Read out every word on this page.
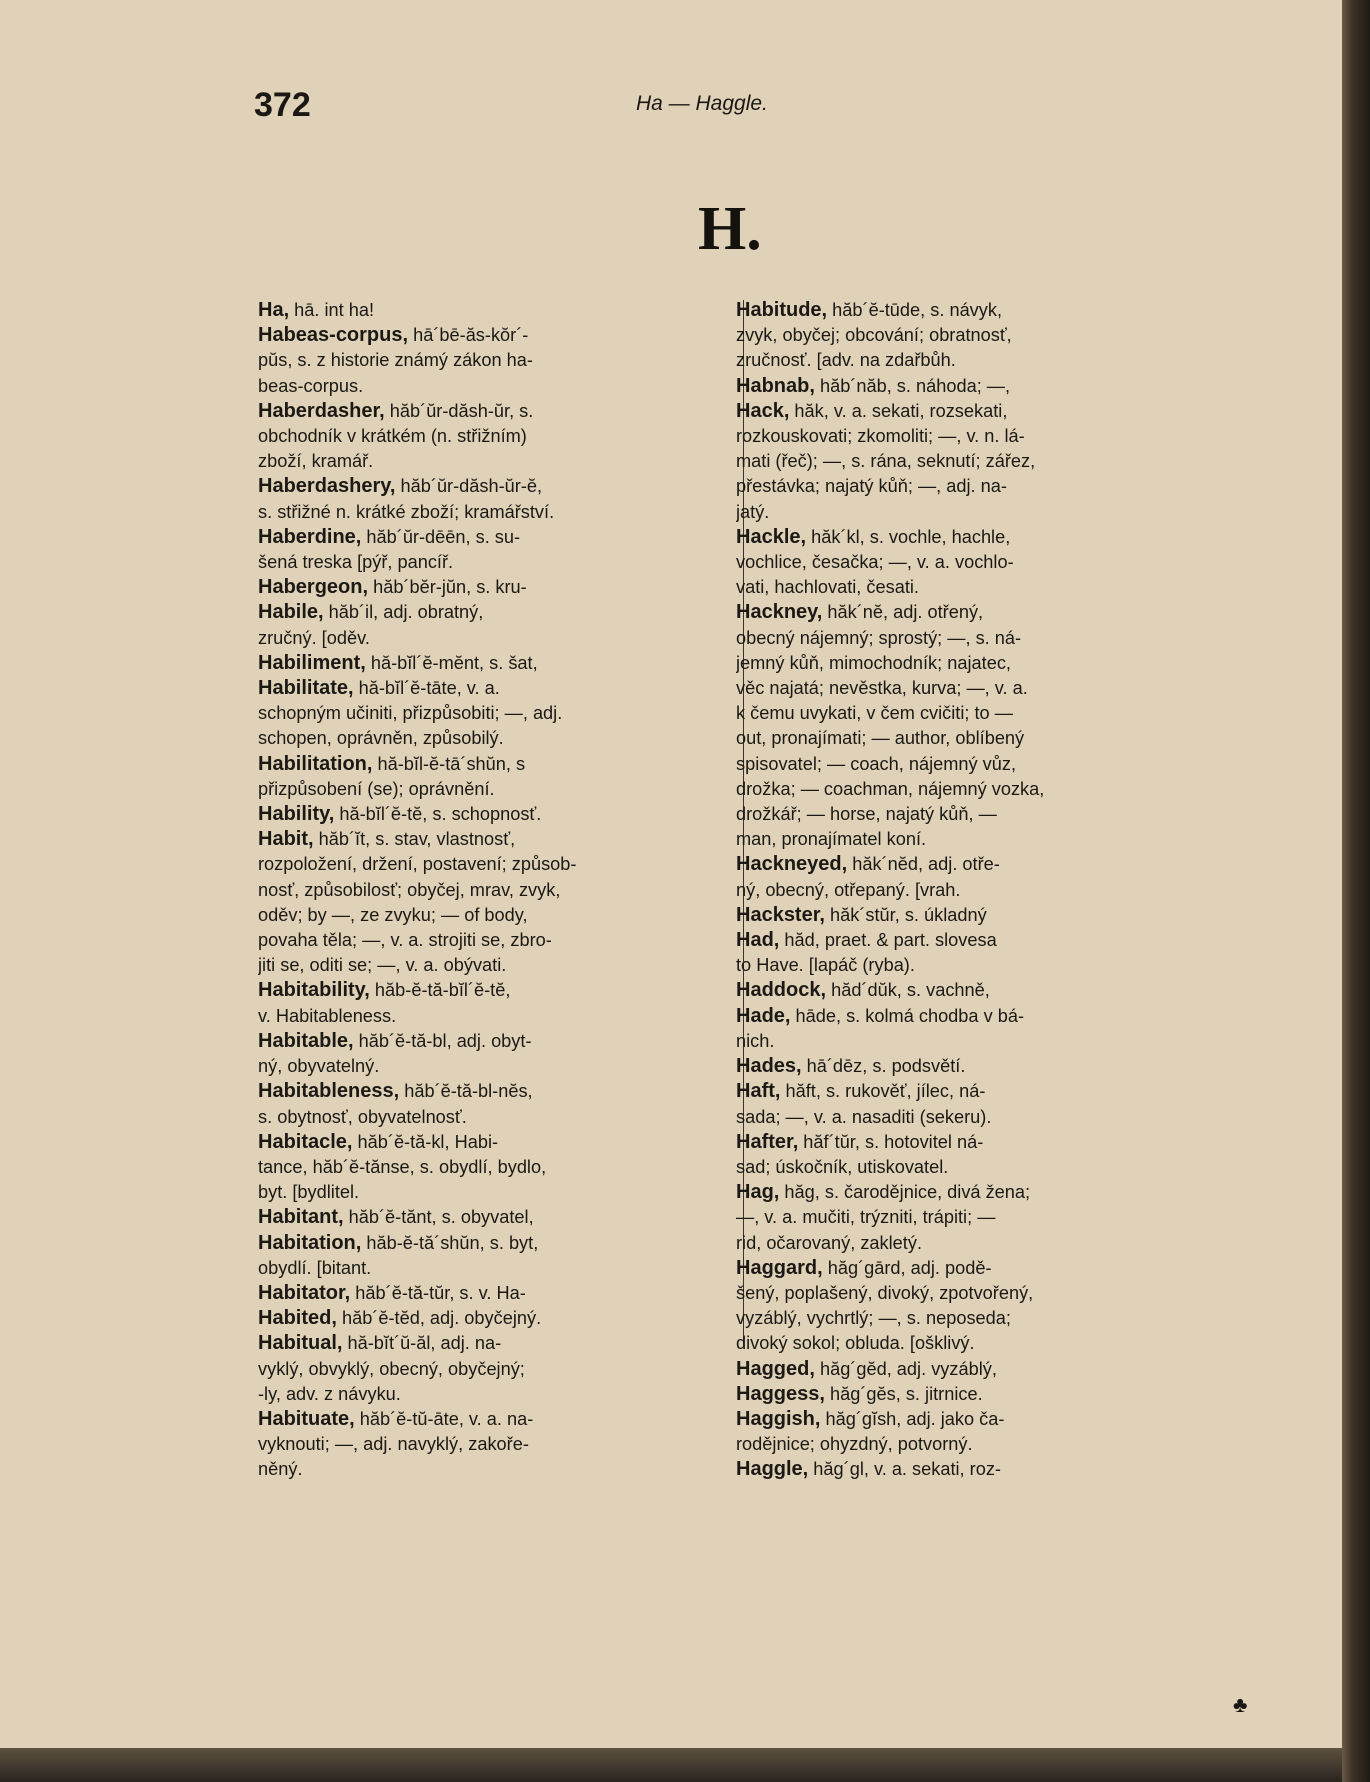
372	Ha — Haggle.
H.
Ha, hā. int ha!
Habeas-corpus, hā´bē-ăs-kŏr´-
pŭs, s. z historie známý zákon ha-
beas-corpus.
Haberdasher, hăb´ŭr-dăsh-ŭr, s.
obchodník v krátkém (n. střižním)
zboží, kramář.
Haberdashery, hăb´ŭr-dăsh-ŭr-ĕ,
s. střižné n. krátké zboží; kramářství.
Haberdine, hăb´ŭr-dēēn, s. su-
šená treska [pýř, pancíř.
Habergeon, hăb´bĕr-jŭn, s. kru-
Habile, hăb´il, adj. obratný,
zručný. [oděv.
Habiliment, hă-bĭl´ĕ-mĕnt, s. šat,
Habilitate, hă-bĭl´ĕ-tāte, v. a.
schopným učiniti, přizpůsobiti; —, adj.
schopen, oprávněn, způsobilý.
Habilitation, hă-bĭl-ĕ-tā´shŭn, s
přizpůsobení (se); oprávnění.
Hability, hă-bĭl´ĕ-tĕ, s. schopnosť.
Habit, hăb´ĭt, s. stav, vlastnosť,
rozpoložení, držení, postavení; způsob-
nosť, způsobilosť; obyčej, mrav, zvyk,
oděv; by —, ze zvyku; — of body,
povaha těla; —, v. a. strojiti se, zbro-
jiti se, oditi se; —, v. a. obývati.
Habitability, hăb-ĕ-tă-bĭl´ĕ-tĕ,
v. Habitableness.
Habitable, hăb´ĕ-tă-bl, adj. obyt-
ný, obyvatelný.
Habitableness, hăb´ĕ-tă-bl-nĕs,
s. obytnosť, obyvatelnosť.
Habitacle, hăb´ĕ-tă-kl, Habi-
tance, hăb´ĕ-tănse, s. obydlí, bydlo,
byt. [bydlitel.
Habitant, hăb´ĕ-tănt, s. obyvatel,
Habitation, hăb-ĕ-tă´shŭn, s. byt,
obydlí. [bitant.
Habitator, hăb´ĕ-tă-tŭr, s. v. Ha-
Habited, hăb´ĕ-tĕd, adj. obyčejný.
Habitual, hă-bĭt´ŭ-ăl, adj. na-
vyklý, obvyklý, obecný, obyčejný;
-ly, adv. z návyku.
Habituate, hăb´ĕ-tŭ-āte, v. a. na-
vyknouti; —, adj. navyklý, zakoře-
něný.
Habitude, hăb´ĕ-tūde, s. návyk,
zvyk, obyčej; obcování; obratnosť,
zručnosť. [adv. na zdařbůh.
Habnab, hăb´năb, s. náhoda; —,
Hack, hăk, v. a. sekati, rozsekati,
rozkouskovati; zkomoliti; —, v. n. lá-
mati (řeč); —, s. rána, seknutí; zářez,
přestávka; najatý kůň; —, adj. na-
jatý.
Hackle, hăk´kl, s. vochle, hachle,
vochlice, česačka; —, v. a. vochlo-
vati, hachlovati, česati.
Hackney, hăk´nĕ, adj. otřený,
obecný nájemný; sprostý; —, s. ná-
jemný kůň, mimochodník; najatec,
věc najatá; nevěstka, kurva; —, v. a.
k čemu uvykati, v čem cvičiti; to —
out, pronajímati; — author, oblíbený
spisovatel; — coach, nájemný vůz,
drožka; — coachman, nájemný vozka,
drožkář; — horse, najatý kůň, —
man, pronajímatel koní.
Hackneyed, hăk´nĕd, adj. otře-
ný, obecný, otřepaný. [vrah.
Hackster, hăk´stŭr, s. úkladný
Had, hăd, praet. & part. slovesa
to Have. [lapáč (ryba).
Haddock, hăd´dŭk, s. vachně,
Hade, hāde, s. kolmá chodba v bá-
nich.
Hades, hā´dēz, s. podsvětí.
Haft, hăft, s. rukověť, jílec, ná-
sada; —, v. a. nasaditi (sekeru).
Hafter, hăf´tŭr, s. hotovitel ná-
sad; úskočník, utiskovatel.
Hag, hăg, s. čarodějnice, divá žena;
—, v. a. mučiti, trýzniti, trápiti; —
rid, očarovaný, zakletý.
Haggard, hăg´gārd, adj. podě-
šený, poplašený, divoký, zpotvořený,
vyzáblý, vychrtlý; —, s. neposeda;
divoký sokol; obluda. [ošklivý.
Hagged, hăg´gĕd, adj. vyzáblý,
Haggess, hăg´gĕs, s. jitrnice.
Haggish, hăg´gĭsh, adj. jako ča-
rodějnice; ohyzdný, potvorný.
Haggle, hăg´gl, v. a. sekati, roz-
♣
